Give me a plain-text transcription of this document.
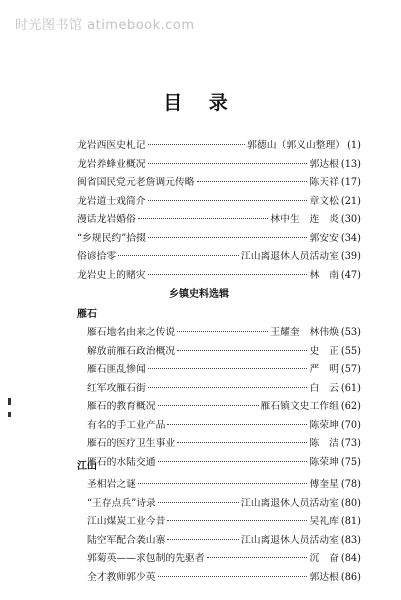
时光图书馆 atimebook.com
目 录
龙岩西医史札记	郭德山（郭义山整理） (1)
龙岩养蜂业概况	郭达根 (13)
闽省国民党元老詹调元传略	陈天祥 (17)
龙岩道士戏简介	章文松 (21)
漫话龙岩婚俗	林中生　连　炎 (30)
“乡规民约”拾掇	郭安安 (34)
俗谚拾零	江山离退休人员活动室 (39)
龙岩史上的赌灾	林　南 (47)
乡镇史料选辑
雁石
雁石地名由来之传说	王耀奎　林伟焕 (53)
解放前雁石政治概况	史　正 (55)
雁石匪乱惨闻	严　明 (57)
红军攻雁石街	白　云 (61)
雁石的教育概况	雁石镇文史工作组 (62)
有名的手工业产品	陈荣坤 (70)
雁石的医疗卫生事业	陈　洁 (73)
雁石的水陆交通	陈荣坤 (75)
江山
圣相岩之谜	傅奎星 (78)
“王存点兵”诗录	江山离退休人员活动室 (80)
江山煤炭工业今昔	吴礼库 (81)
陆空军配合袭山寨	江山离退休人员活动室 (83)
郭菊英——求包制的先驱者	沉　奋 (84)
全才教师郭少英	郭达根 (86)
